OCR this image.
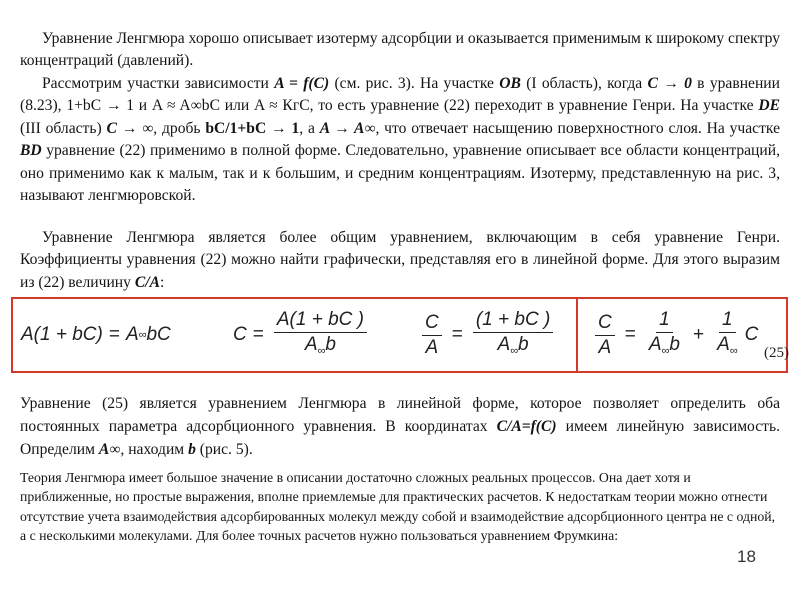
Уравнение Ленгмюра хорошо описывает изотерму адсорбции и оказывается применимым к широкому спектру концентраций (давлений).

Рассмотрим участки зависимости A = f(C) (см. рис. 3). На участке OB (I область), когда C → 0 в уравнении (8.23), 1+bC → 1 и A ≈ A∞bC или A ≈ КгC, то есть уравнение (22) переходит в уравнение Генри. На участке DE (III область) C → ∞, дробь bC/1+bC → 1, а A → A∞, что отвечает насыщению поверхностного слоя. На участке BD уравнение (22) применимо в полной форме. Следовательно, уравнение описывает все области концентраций, оно применимо как к малым, так и к большим, и средним концентрациям. Изотерму, представленную на рис. 3, называют ленгмюровской.

Уравнение Ленгмюра является более общим уравнением, включающим в себя уравнение Генри. Коэффициенты уравнения (22) можно найти графически, представляя его в линейной форме. Для этого выразим из (22) величину C/A:

A(1 + bC) = A ∞ bC	$C = \frac{A(1 + bC )}{A_\infty b}$	$\frac{C}{A} = \frac{(1 + bC )}{A_\infty b} \frac{C}{A} = \frac{1}{A_\infty b} + \frac{1}{A_\infty}$ C
(25)

Уравнение (25) является уравнением Ленгмюра в линейной форме, которое позволяет определить оба постоянных параметра адсорбционного уравнения. В координатах C/A=f(C) имеем линейную зависимость. Определим A∞, находим b (рис. 5).

Теория Ленгмюра имеет большое значение в описании достаточно сложных реальных процессов. Она дает хотя и приближенные, но простые выражения, вполне приемлемые для практических расчетов. К недостаткам теории можно отнести отсутствие учета взаимодействия адсорбированных молекул между собой и взаимодействие адсорбционного центра не с одной, а с несколькими молекулами. Для более точных расчетов нужно пользоваться уравнением Фрумкина:

18
